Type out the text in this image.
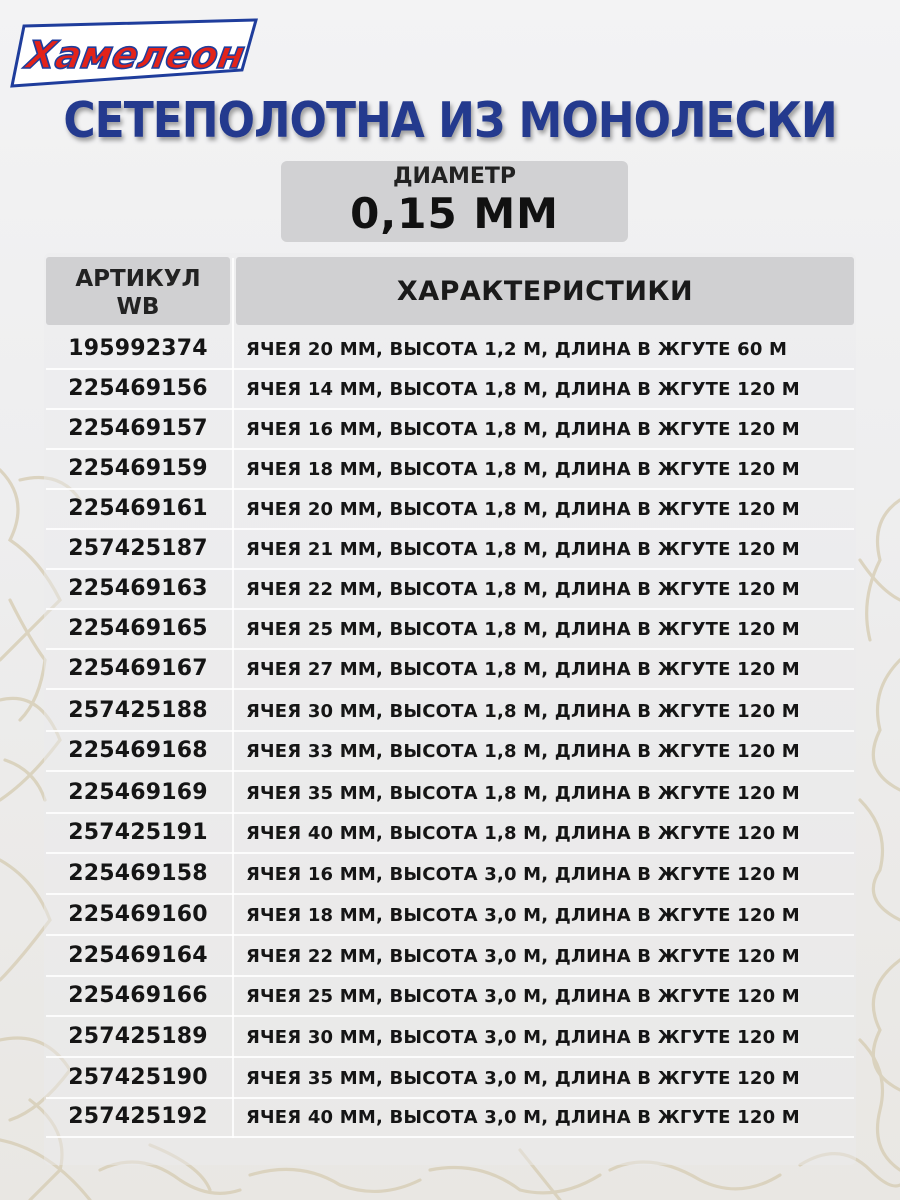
Хамелеон
СЕТЕПОЛОТНА ИЗ МОНОЛЕСКИ
ДИАМЕТР
0,15 ММ
АРТИКУЛ
WB	ХАРАКТЕРИСТИКИ
195992374	ЯЧЕЯ 20 ММ, ВЫСОТА 1,2 М, ДЛИНА В ЖГУТЕ 60 М
225469156	ЯЧЕЯ 14 ММ, ВЫСОТА 1,8 М, ДЛИНА В ЖГУТЕ 120 М
225469157	ЯЧЕЯ 16 ММ, ВЫСОТА 1,8 М, ДЛИНА В ЖГУТЕ 120 М
225469159	ЯЧЕЯ 18 ММ, ВЫСОТА 1,8 М, ДЛИНА В ЖГУТЕ 120 М
225469161	ЯЧЕЯ 20 ММ, ВЫСОТА 1,8 М, ДЛИНА В ЖГУТЕ 120 М
257425187	ЯЧЕЯ 21 ММ, ВЫСОТА 1,8 М, ДЛИНА В ЖГУТЕ 120 М
225469163	ЯЧЕЯ 22 ММ, ВЫСОТА 1,8 М, ДЛИНА В ЖГУТЕ 120 М
225469165	ЯЧЕЯ 25 ММ, ВЫСОТА 1,8 М, ДЛИНА В ЖГУТЕ 120 М
225469167	ЯЧЕЯ 27 ММ, ВЫСОТА 1,8 М, ДЛИНА В ЖГУТЕ 120 М
257425188	ЯЧЕЯ 30 ММ, ВЫСОТА 1,8 М, ДЛИНА В ЖГУТЕ 120 М
225469168	ЯЧЕЯ 33 ММ, ВЫСОТА 1,8 М, ДЛИНА В ЖГУТЕ 120 М
225469169	ЯЧЕЯ 35 ММ, ВЫСОТА 1,8 М, ДЛИНА В ЖГУТЕ 120 М
257425191	ЯЧЕЯ 40 ММ, ВЫСОТА 1,8 М, ДЛИНА В ЖГУТЕ 120 М
225469158	ЯЧЕЯ 16 ММ, ВЫСОТА 3,0 М, ДЛИНА В ЖГУТЕ 120 М
225469160	ЯЧЕЯ 18 ММ, ВЫСОТА 3,0 М, ДЛИНА В ЖГУТЕ 120 М
225469164	ЯЧЕЯ 22 ММ, ВЫСОТА 3,0 М, ДЛИНА В ЖГУТЕ 120 М
225469166	ЯЧЕЯ 25 ММ, ВЫСОТА 3,0 М, ДЛИНА В ЖГУТЕ 120 М
257425189	ЯЧЕЯ 30 ММ, ВЫСОТА 3,0 М, ДЛИНА В ЖГУТЕ 120 М
257425190	ЯЧЕЯ 35 ММ, ВЫСОТА 3,0 М, ДЛИНА В ЖГУТЕ 120 М
257425192	ЯЧЕЯ 40 ММ, ВЫСОТА 3,0 М, ДЛИНА В ЖГУТЕ 120 М
